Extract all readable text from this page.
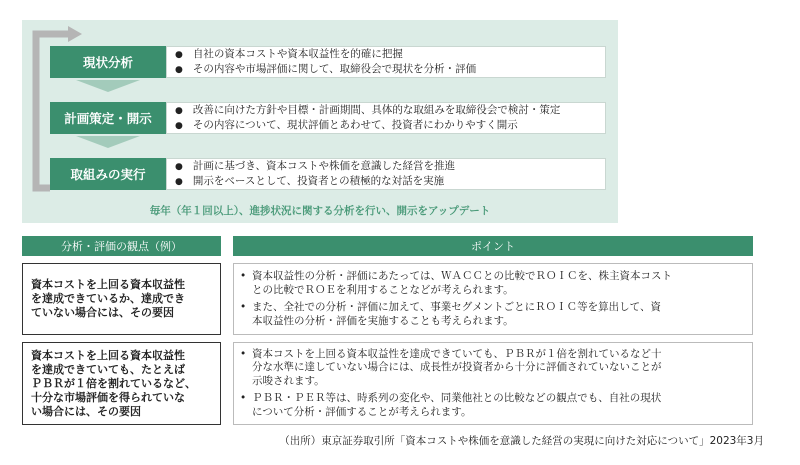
現状分析
● 自社の資本コストや資本収益性を的確に把握
● その内容や市場評価に関して、取締役会で現状を分析・評価
計画策定・開示
● 改善に向けた方針や目標・計画期間、具体的な取組みを取締役会で検討・策定
● その内容について、現状評価とあわせて、投資者にわかりやすく開示
取組みの実行
● 計画に基づき、資本コストや株価を意識した経営を推進
● 開示をベースとして、投資者との積極的な対話を実施
毎年（年１回以上）、進捗状況に関する分析を行い、開示をアップデート
分析・評価の観点（例）	ポイント
資本コストを上回る資本収益性
を達成できているか、達成でき
ていない場合には、その要因
• 資本収益性の分析・評価にあたっては、ＷＡＣＣとの比較でＲＯＩＣを、株主資本コスト
との比較でＲＯＥを利用することなどが考えられます。
• また、全社での分析・評価に加えて、事業セグメントごとにＲＯＩＣ等を算出して、資
本収益性の分析・評価を実施することも考えられます。
資本コストを上回る資本収益性
を達成できていても、たとえば
ＰＢＲが１倍を割れているなど、
十分な市場評価を得られていな
い場合には、その要因
• 資本コストを上回る資本収益性を達成できていても、ＰＢＲが１倍を割れているなど十
分な水準に達していない場合には、成長性が投資者から十分に評価されていないことが
示唆されます。
• ＰＢＲ・ＰＥＲ等は、時系列の変化や、同業他社との比較などの観点でも、自社の現状
について分析・評価することが考えられます。
（出所）東京証券取引所「資本コストや株価を意識した経営の実現に向けた対応について」2023年3月
